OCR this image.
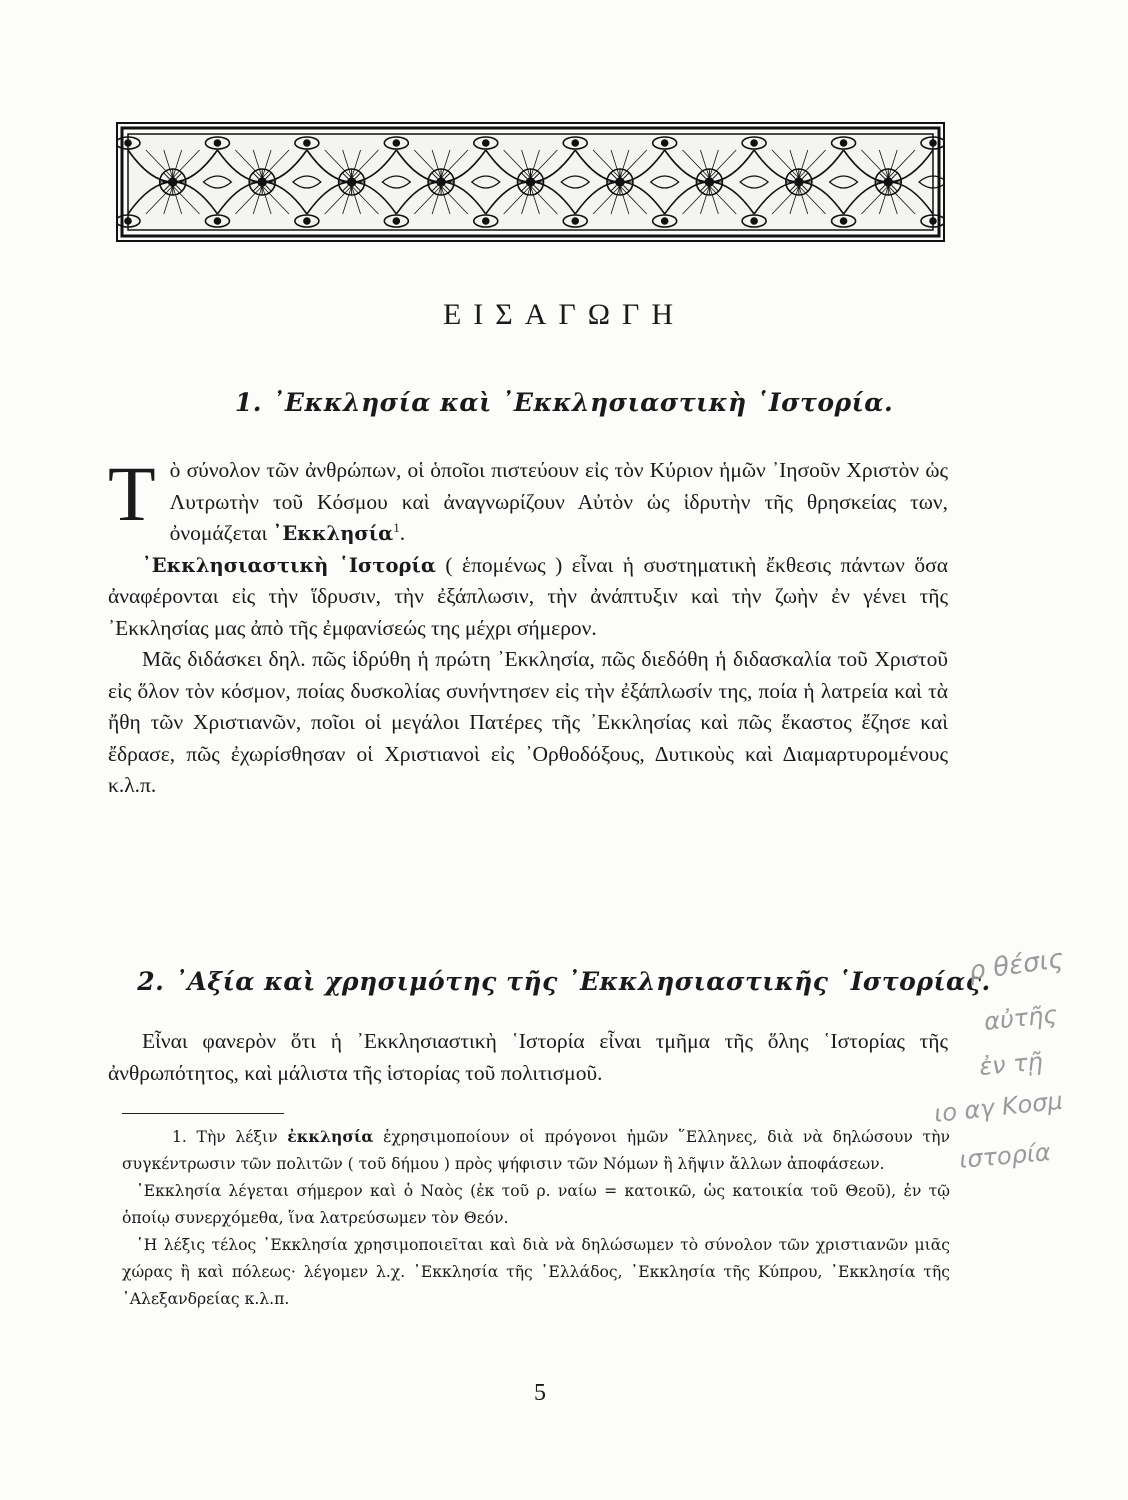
ΕΙΣΑΓΩΓΗ
1. ᾿Εκκλησία καὶ ᾿Εκκλησιαστικὴ ῾Ιστορία.

Τὸ σύνολον τῶν ἀνθρώπων, οἱ ὁποῖοι πιστεύουν εἰς τὸν Κύριον ἡμῶν ᾿Ιησοῦν Χριστὸν ὡς Λυτρωτὴν τοῦ Κόσμου καὶ ἀναγνωρίζουν Αὐτὸν ὡς ἱδρυτὴν τῆς θρησκείας των, ὀνομάζεται ᾿Εκκλησία$^1$.

᾿Εκκλησιαστικὴ ῾Ιστορία ( ἑπομένως ) εἶναι ἡ συστηματικὴ ἔκθεσις πάντων ὅσα ἀναφέρονται εἰς τὴν ἵδρυσιν, τὴν ἐξάπλωσιν, τὴν ἀνάπτυξιν καὶ τὴν ζωὴν ἐν γένει τῆς ᾿Εκκλησίας μας ἀπὸ τῆς ἐμφανίσεώς της μέχρι σήμερον.

Μᾶς διδάσκει δηλ. πῶς ἱδρύθη ἡ πρώτη ᾿Εκκλησία, πῶς διεδόθη ἡ διδασκαλία τοῦ Χριστοῦ εἰς ὅλον τὸν κόσμον, ποίας δυσκολίας συνήντησεν εἰς τὴν ἐξάπλωσίν της, ποία ἡ λατρεία καὶ τὰ ἤθη τῶν Χριστιανῶν, ποῖοι οἱ μεγάλοι Πατέρες τῆς ᾿Εκκλησίας καὶ πῶς ἕκαστος ἔζησε καὶ ἔδρασε, πῶς ἐχωρίσθησαν οἱ Χριστιανοὶ εἰς ᾿Ορθοδόξους, Δυτικοὺς καὶ Διαμαρτυρομένους κ.λ.π.

2. ᾿Αξία καὶ χρησιμότης τῆς ᾿Εκκλησιαστικῆς ῾Ιστορίας.

Εἶναι φανερὸν ὅτι ἡ ᾿Εκκλησιαστικὴ ῾Ιστορία εἶναι τμῆμα τῆς ὅλης ῾Ιστορίας τῆς ἀνθρωπότητος, καὶ μάλιστα τῆς ἱστορίας τοῦ πολιτισμοῦ.

1. Τὴν λέξιν ἐκκλησία ἐχρησιμοποίουν οἱ πρόγονοι ἡμῶν ῞Ελληνες, διὰ νὰ δηλώσουν τὴν συγκέντρωσιν τῶν πολιτῶν ( τοῦ δήμου ) πρὸς ψήφισιν τῶν Νόμων ἢ λῆψιν ἄλλων ἀποφάσεων.

᾿Εκκλησία λέγεται σήμερον καὶ ὁ Ναὸς (ἐκ τοῦ ρ. ναίω = κατοικῶ, ὡς κατοικία τοῦ Θεοῦ), ἐν τῷ ὁποίῳ συνερχόμεθα, ἵνα λατρεύσωμεν τὸν Θεόν.

῾Η λέξις τέλος ᾿Εκκλησία χρησιμοποιεῖται καὶ διὰ νὰ δηλώσωμεν τὸ σύνολον τῶν χριστιανῶν μιᾶς χώρας ἢ καὶ πόλεως· λέγομεν λ.χ. ᾿Εκκλησία τῆς ῾Ελλάδος, ᾿Εκκλησία τῆς Κύπρου, ᾿Εκκλησία τῆς ᾿Αλεξανδρείας κ.λ.π.

5
ρ θέσις
αὐτῆς
ἐν τῇ
ιο αγ Κοσμ
ιστορία
